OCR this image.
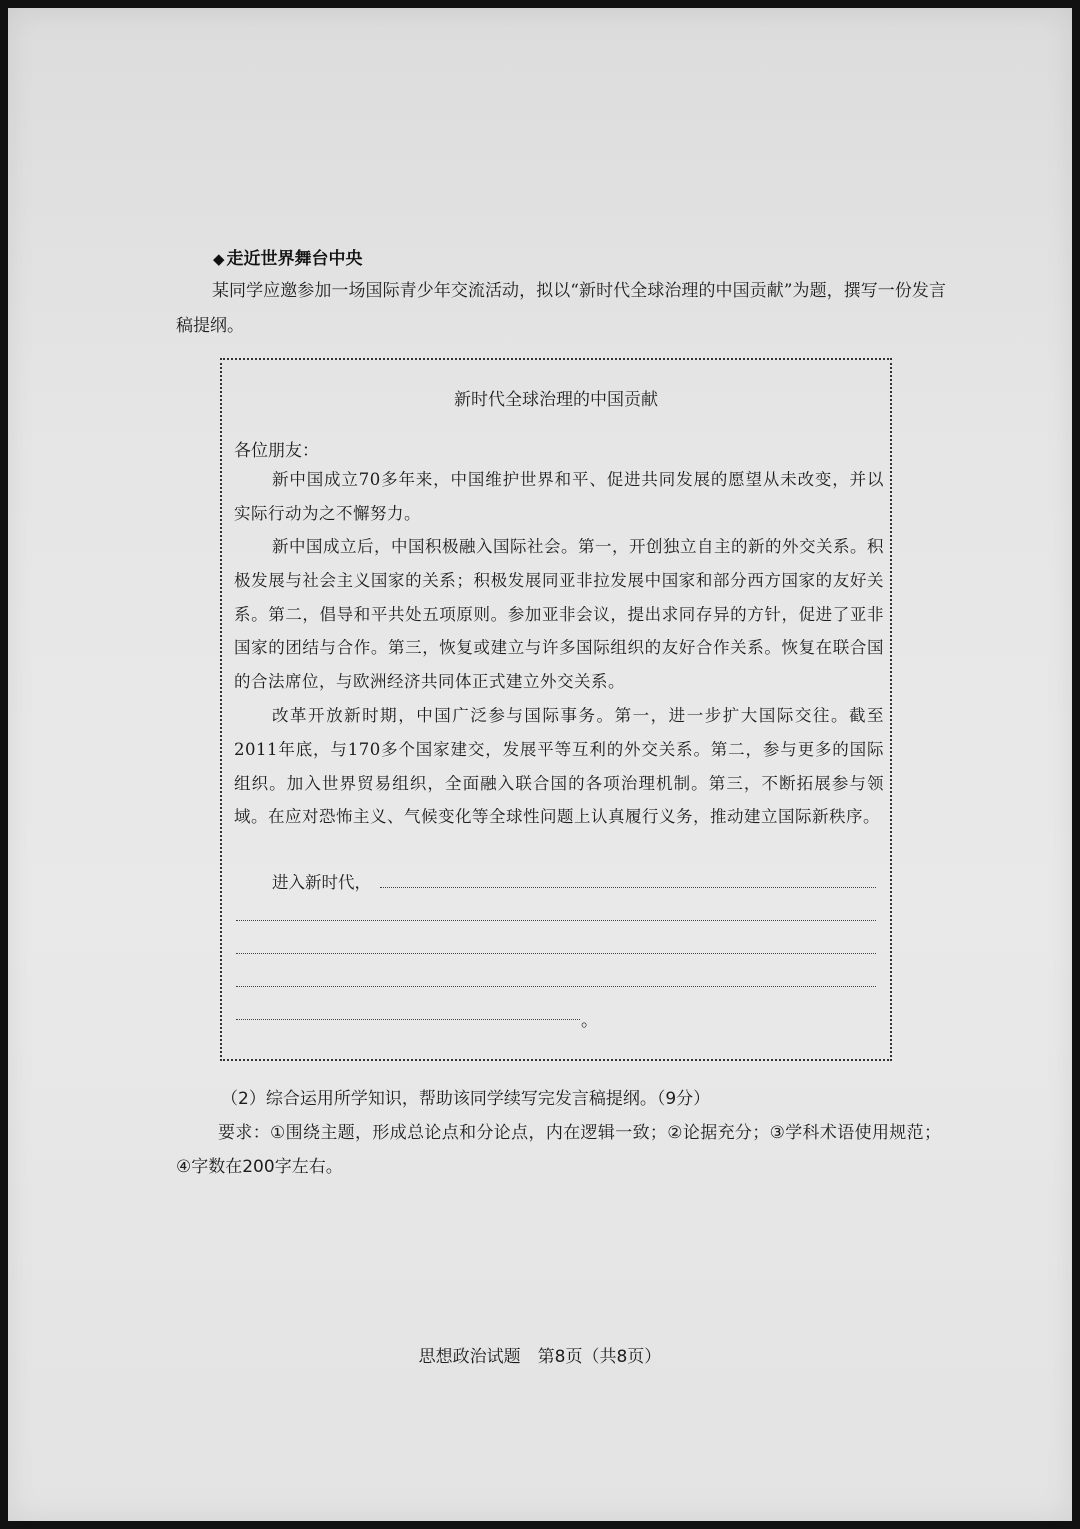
◆ 走近世界舞台中央
某同学应邀参加一场国际青少年交流活动，拟以“新时代全球治理的中国贡献”为题，撰写一份发言稿提纲。
新时代全球治理的中国贡献
各位朋友：
新中国成立70多年来，中国维护世界和平、促进共同发展的愿望从未改变，并以实际行动为之不懈努力。
新中国成立后，中国积极融入国际社会。第一，开创独立自主的新的外交关系。积极发展与社会主义国家的关系；积极发展同亚非拉发展中国家和部分西方国家的友好关系。第二，倡导和平共处五项原则。参加亚非会议，提出求同存异的方针，促进了亚非国家的团结与合作。第三，恢复或建立与许多国际组织的友好合作关系。恢复在联合国的合法席位，与欧洲经济共同体正式建立外交关系。
改革开放新时期，中国广泛参与国际事务。第一，进一步扩大国际交往。截至2011年底，与170多个国家建交，发展平等互利的外交关系。第二，参与更多的国际组织。加入世界贸易组织，全面融入联合国的各项治理机制。第三，不断拓展参与领域。在应对恐怖主义、气候变化等全球性问题上认真履行义务，推动建立国际新秩序。
进入新时代，
。
（2）综合运用所学知识，帮助该同学续写完发言稿提纲。（9分）
要求：①围绕主题，形成总论点和分论点，内在逻辑一致；②论据充分；③学科术语使用规范；④字数在200字左右。
思想政治试题　第8页（共8页）
